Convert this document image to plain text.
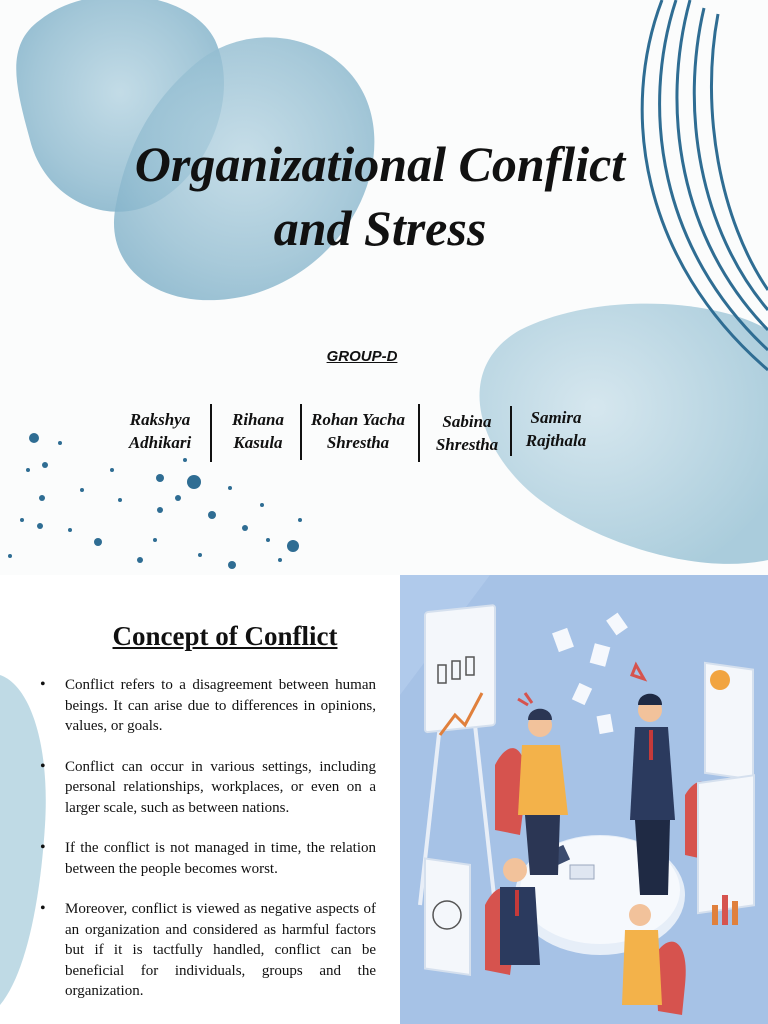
Organizational Conflict
and Stress
GROUP-D
Rakshya
Adhikari
Rihana
Kasula
Rohan Yacha
Shrestha
Sabina
Shrestha
Samira
Rajthala
Concept of Conflict
• Conflict refers to a disagreement between human beings. It can arise due to differences in opinions, values, or goals.
• Conflict can occur in various settings, including personal relationships, workplaces, or even on a larger scale, such as between nations.
• If the conflict is not managed in time, the relation between the people becomes worst.
• Moreover, conflict is viewed as negative aspects of an organization and considered as harmful factors but if it is tactfully handled, conflict can be beneficial for individuals, groups and the organization.
